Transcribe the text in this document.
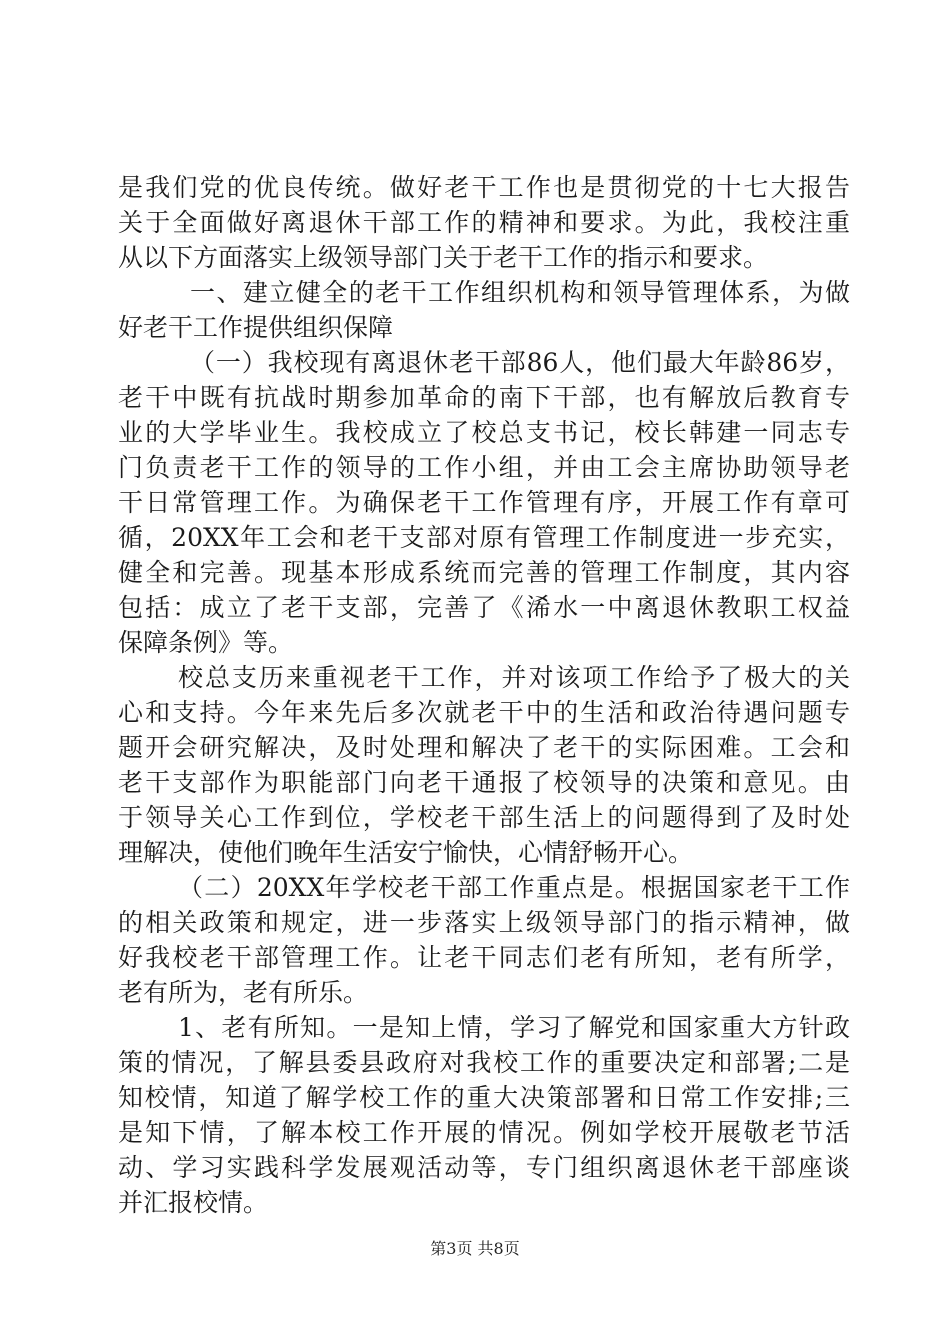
是我们党的优良传统。做好老干工作也是贯彻党的十七大报告
关于全面做好离退休干部工作的精神和要求。为此，我校注重
从以下方面落实上级领导部门关于老干工作的指示和要求。
一、建立健全的老干工作组织机构和领导管理体系，为做
好老干工作提供组织保障
（一）我校现有离退休老干部86人，他们最大年龄86岁，
老干中既有抗战时期参加革命的南下干部，也有解放后教育专
业的大学毕业生。我校成立了校总支书记，校长韩建一同志专
门负责老干工作的领导的工作小组，并由工会主席协助领导老
干日常管理工作。为确保老干工作管理有序，开展工作有章可
循，20XX年工会和老干支部对原有管理工作制度进一步充实，
健全和完善。现基本形成系统而完善的管理工作制度，其内容
包括：成立了老干支部，完善了《浠水一中离退休教职工权益
保障条例》等。
校总支历来重视老干工作，并对该项工作给予了极大的关
心和支持。今年来先后多次就老干中的生活和政治待遇问题专
题开会研究解决，及时处理和解决了老干的实际困难。工会和
老干支部作为职能部门向老干通报了校领导的决策和意见。由
于领导关心工作到位，学校老干部生活上的问题得到了及时处
理解决，使他们晚年生活安宁愉快，心情舒畅开心。
（二）20XX年学校老干部工作重点是。根据国家老干工作
的相关政策和规定，进一步落实上级领导部门的指示精神，做
好我校老干部管理工作。让老干同志们老有所知，老有所学，
老有所为，老有所乐。
1、老有所知。一是知上情，学习了解党和国家重大方针政
策的情况，了解县委县政府对我校工作的重要决定和部署;二是
知校情，知道了解学校工作的重大决策部署和日常工作安排;三
是知下情，了解本校工作开展的情况。例如学校开展敬老节活
动、学习实践科学发展观活动等，专门组织离退休老干部座谈
并汇报校情。
第3页 共8页
